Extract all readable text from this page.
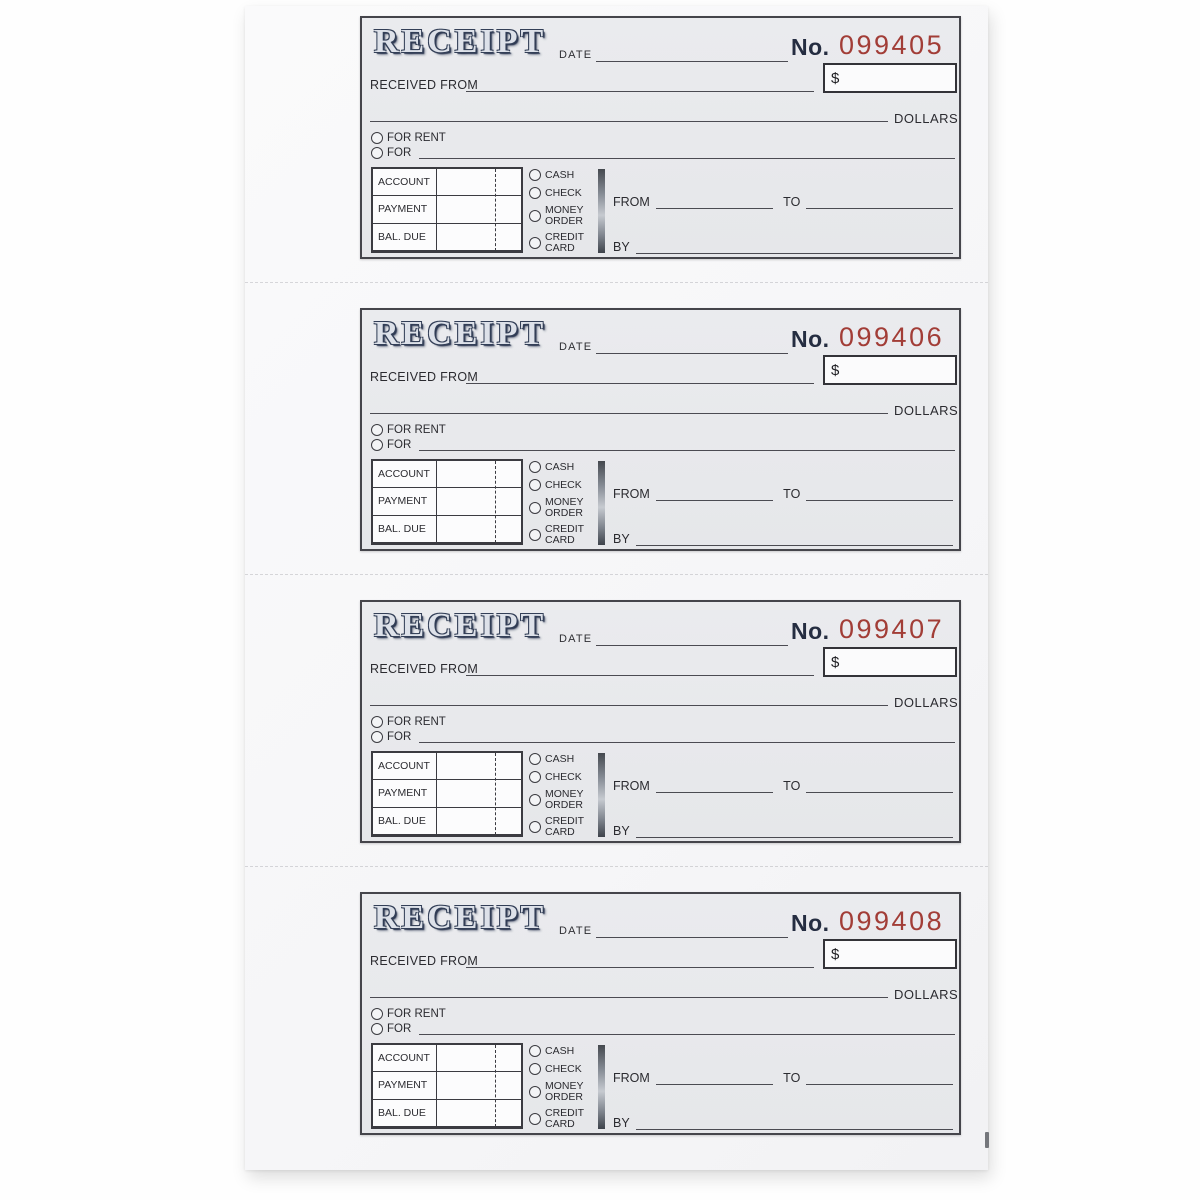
RECEIPT DATE	No. 099405
$
RECEIVED FROM
DOLLARS
FOR RENT
FOR
ACCOUNT
PAYMENT
BAL. DUE
CASH
CHECK
MONEY ORDER
CREDIT CARD
FROM	TO
BY
RECEIPT DATE	No. 099406
$
RECEIVED FROM
DOLLARS
FOR RENT
FOR
ACCOUNT
PAYMENT
BAL. DUE
CASH
CHECK
MONEY ORDER
CREDIT CARD
FROM	TO
BY
RECEIPT DATE	No. 099407
$
RECEIVED FROM
DOLLARS
FOR RENT
FOR
ACCOUNT
PAYMENT
BAL. DUE
CASH
CHECK
MONEY ORDER
CREDIT CARD
FROM	TO
BY
RECEIPT DATE	No. 099408
$
RECEIVED FROM
DOLLARS
FOR RENT
FOR
ACCOUNT
PAYMENT
BAL. DUE
CASH
CHECK
MONEY ORDER
CREDIT CARD
FROM	TO
BY
